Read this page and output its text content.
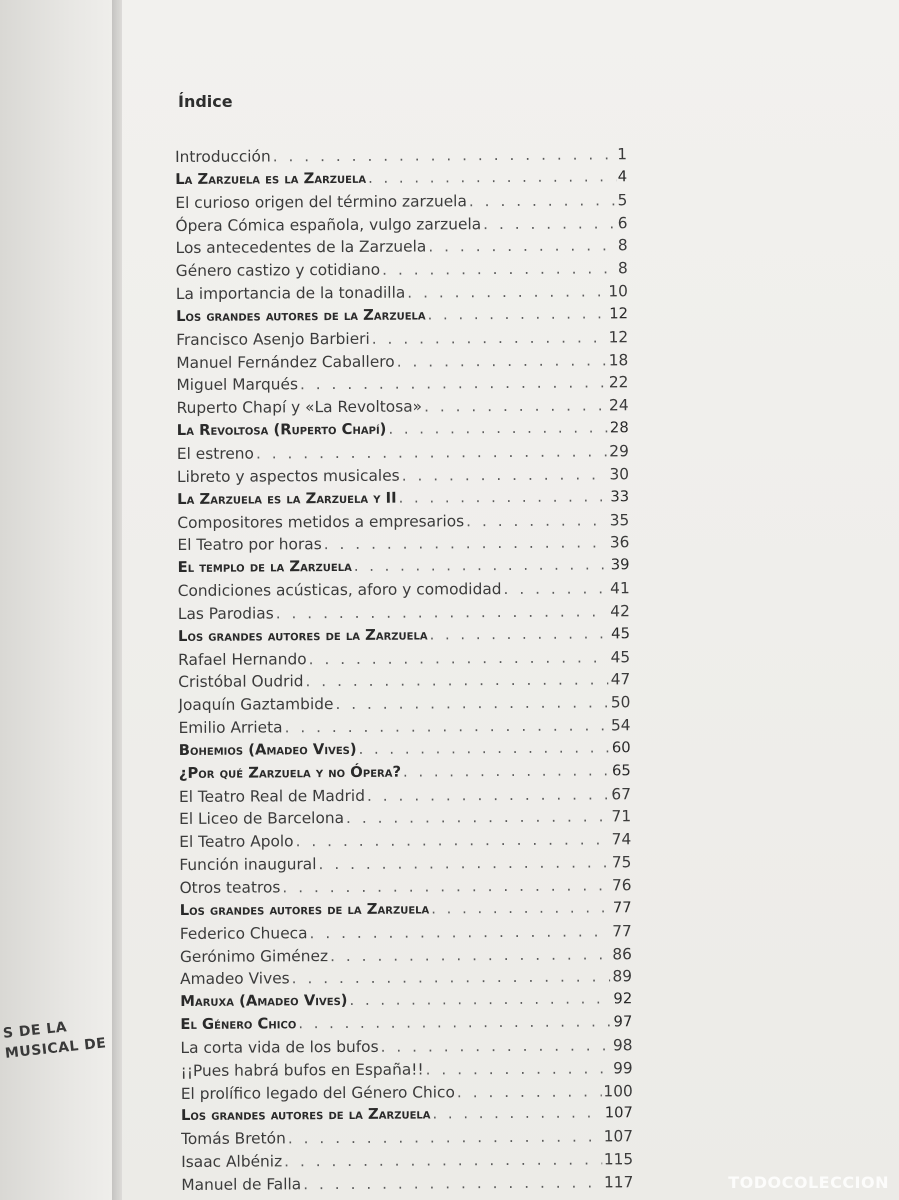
S DE LA
MUSICAL DE
Índice
Introducción . . .	1
La Zarzuela es la Zarzuela . . .	4
El curioso origen del término zarzuela . . .	5
Ópera Cómica española, vulgo zarzuela . . .	6
Los antecedentes de la Zarzuela . . .	8
Género castizo y cotidiano . . .	8
La importancia de la tonadilla . . .	10
Los grandes autores de la Zarzuela . . .	12
Francisco Asenjo Barbieri . . .	12
Manuel Fernández Caballero . . .	18
Miguel Marqués . . .	22
Ruperto Chapí y «La Revoltosa» . . .	24
La Revoltosa (Ruperto Chapí) . . .	28
El estreno . . .	29
Libreto y aspectos musicales . . .	30
La Zarzuela es la Zarzuela y II . . .	33
Compositores metidos a empresarios . . .	35
El Teatro por horas . . .	36
El templo de la Zarzuela . . .	39
Condiciones acústicas, aforo y comodidad . . .	41
Las Parodias . . .	42
Los grandes autores de la Zarzuela . . .	45
Rafael Hernando . . .	45
Cristóbal Oudrid . . .	47
Joaquín Gaztambide . . .	50
Emilio Arrieta . . .	54
Bohemios (Amadeo Vives) . . .	60
¿Por qué Zarzuela y no Ópera? . . .	65
El Teatro Real de Madrid . . .	67
El Liceo de Barcelona . . .	71
El Teatro Apolo . . .	74
Función inaugural . . .	75
Otros teatros . . .	76
Los grandes autores de la Zarzuela . . .	77
Federico Chueca . . .	77
Gerónimo Giménez . . .	86
Amadeo Vives . . .	89
Maruxa (Amadeo Vives) . . .	92
El Género Chico . . .	97
La corta vida de los bufos . . .	98
¡¡Pues habrá bufos en España!! . . .	99
El prolífico legado del Género Chico . . .	100
Los grandes autores de la Zarzuela . . .	107
Tomás Bretón . . .	107
Isaac Albéniz . . .	115
Manuel de Falla . . .	117	TODOCOLECCION
